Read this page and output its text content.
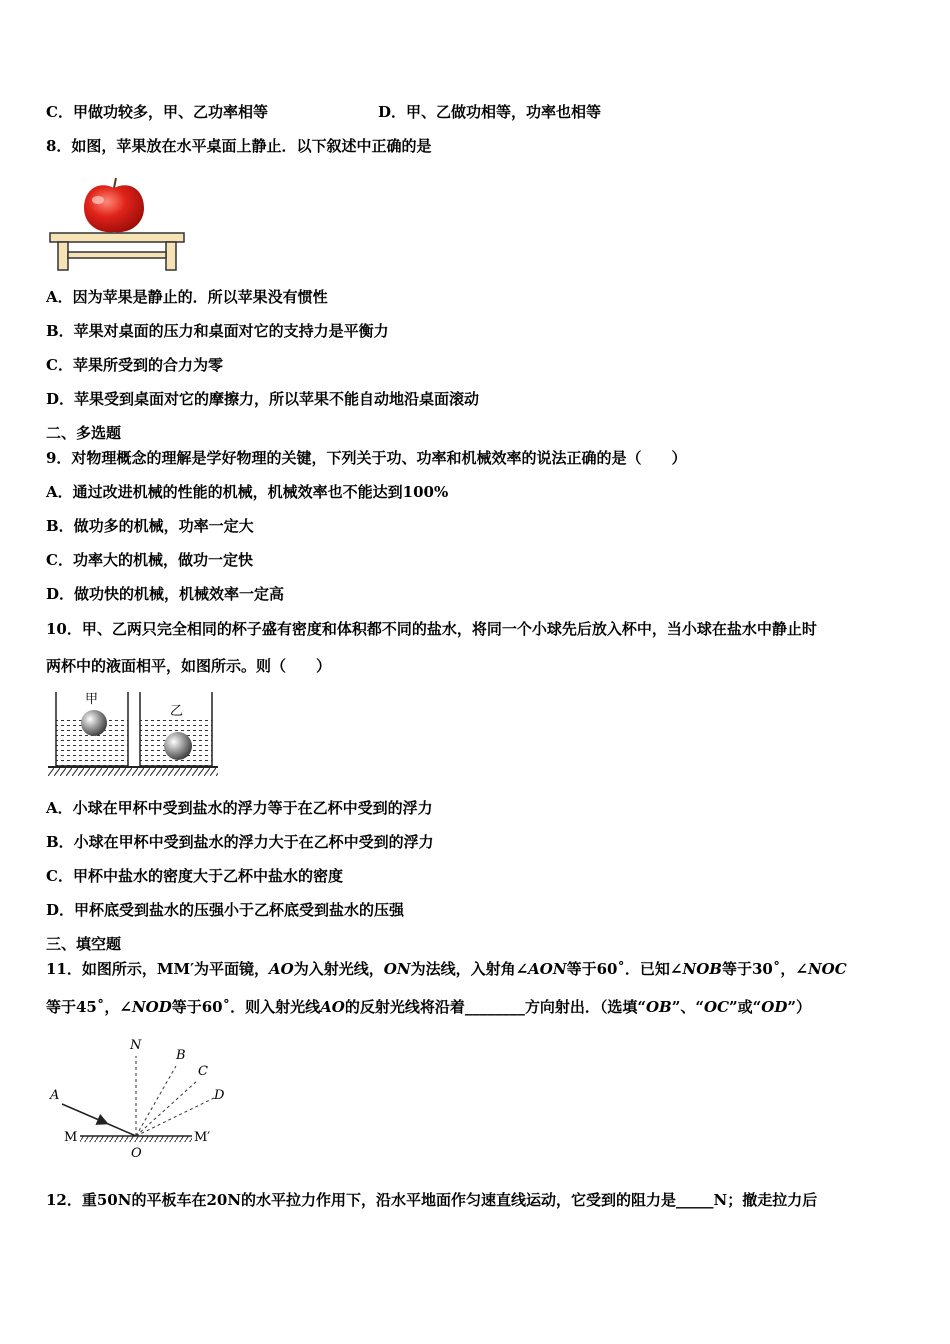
C．甲做功较多，甲、乙功率相等	D．甲、乙做功相等，功率也相等
8．如图，苹果放在水平桌面上静止．以下叙述中正确的是
A．因为苹果是静止的．所以苹果没有惯性
B．苹果对桌面的压力和桌面对它的支持力是平衡力
C．苹果所受到的合力为零
D．苹果受到桌面对它的摩擦力，所以苹果不能自动地沿桌面滚动
二、多选题
9．对物理概念的理解是学好物理的关键，下列关于功、功率和机械效率的说法正确的是（　　）
A．通过改进机械的性能的机械，机械效率也不能达到100%
B．做功多的机械，功率一定大
C．功率大的机械，做功一定快
D．做功快的机械，机械效率一定高
10．甲、乙两只完全相同的杯子盛有密度和体积都不同的盐水，将同一个小球先后放入杯中，当小球在盐水中静止时
两杯中的液面相平，如图所示。则（　　）
甲
乙
A．小球在甲杯中受到盐水的浮力等于在乙杯中受到的浮力
B．小球在甲杯中受到盐水的浮力大于在乙杯中受到的浮力
C．甲杯中盐水的密度大于乙杯中盐水的密度
D．甲杯底受到盐水的压强小于乙杯底受到盐水的压强
三、填空题
11．如图所示，MM′为平面镜，AO为入射光线，ON为法线，入射角∠AON等于60˚．已知∠NOB等于30˚，∠NOC
等于45˚，∠NOD等于60˚．则入射光线AO的反射光线将沿着________方向射出．（选填“OB”、“OC”或“OD”）
N
B
C
D
A
M	M′
O
12．重50N的平板车在20N的水平拉力作用下，沿水平地面作匀速直线运动，它受到的阻力是_____N；撤走拉力后
